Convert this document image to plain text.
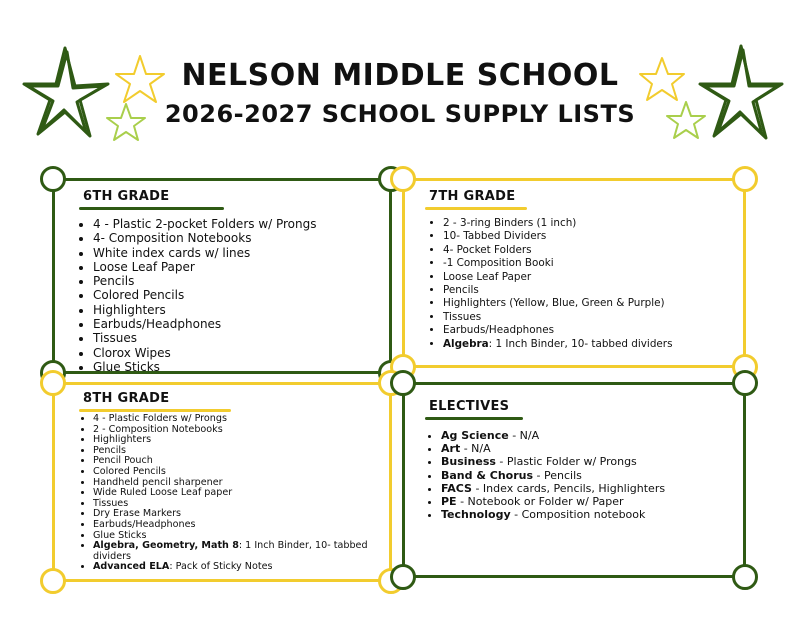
NELSON MIDDLE SCHOOL
2026-2027 SCHOOL SUPPLY LISTS
6TH GRADE
• 4 - Plastic 2-pocket Folders w/ Prongs
• 4- Composition Notebooks
• White index cards w/ lines
• Loose Leaf Paper
• Pencils
• Colored Pencils
• Highlighters
• Earbuds/Headphones
• Tissues
• Clorox Wipes
• Glue Sticks
7TH GRADE
• 2 - 3-ring Binders (1 inch)
• 10- Tabbed Dividers
• 4- Pocket Folders
• -1 Composition Booki
• Loose Leaf Paper
• Pencils
• Highlighters (Yellow, Blue, Green & Purple)
• Tissues
• Earbuds/Headphones
• Algebra: 1 Inch Binder, 10- tabbed dividers
8TH GRADE
• 4 - Plastic Folders w/ Prongs
• 2 - Composition Notebooks
• Highlighters
• Pencils
• Pencil Pouch
• Colored Pencils
• Handheld pencil sharpener
• Wide Ruled Loose Leaf paper
• Tissues
• Dry Erase Markers
• Earbuds/Headphones
• Glue Sticks
• Algebra, Geometry, Math 8: 1 Inch Binder, 10- tabbed dividers
• Advanced ELA: Pack of Sticky Notes
ELECTIVES
• Ag Science - N/A
• Art - N/A
• Business - Plastic Folder w/ Prongs
• Band & Chorus - Pencils
• FACS - Index cards, Pencils, Highlighters
• PE - Notebook or Folder w/ Paper
• Technology - Composition notebook
